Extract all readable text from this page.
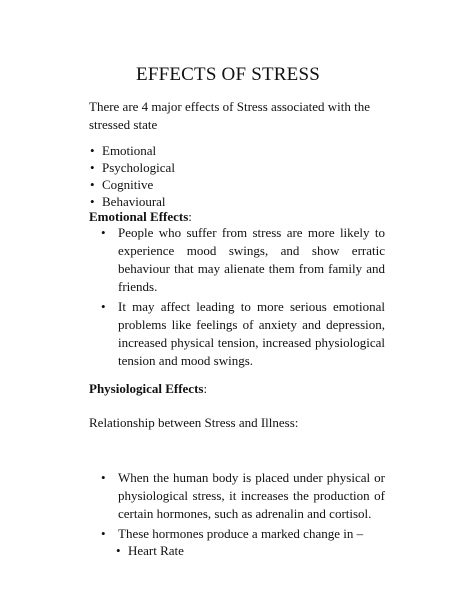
EFFECTS OF STRESS

There are 4 major effects of Stress associated with the stressed state

• Emotional
• Psychological
• Cognitive
• Behavioural

Emotional Effects:

• People who suffer from stress are more likely to experience mood swings, and show erratic behaviour that may alienate them from family and friends.
• It may affect leading to more serious emotional problems like feelings of anxiety and depression, increased physical tension, increased physiological tension and mood swings.

Physiological Effects:

Relationship between Stress and Illness:

• When the human body is placed under physical or physiological stress, it increases the production of certain hormones, such as adrenalin and cortisol.
• These hormones produce a marked change in –
• Heart Rate
